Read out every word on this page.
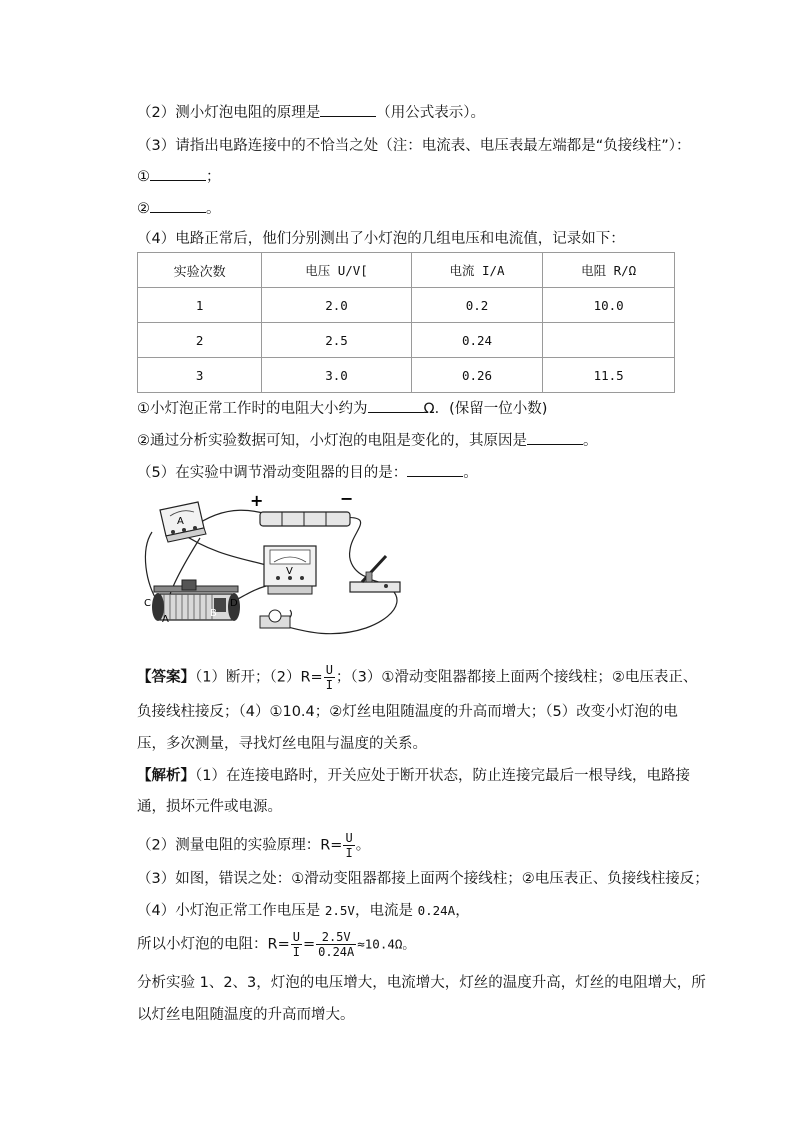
（2）测小灯泡电阻的原理是	（用公式表示）。
（3）请指出电路连接中的不恰当之处（注：电流表、电压表最左端都是“负接线柱”）：
①	；
②	。
（4）电路正常后，他们分别测出了小灯泡的几组电压和电流值，记录如下：
实验次数	电压 U/V[	电流 I/A	电阻 R/Ω
1	2.0	0.2	10.0
2	2.5	0.24	
3	3.0	0.26	11.5
①小灯泡正常工作时的电阻大小约为	Ω．(保留一位小数)
②通过分析实验数据可知，小灯泡的电阻是变化的，其原因是	。
（5）在实验中调节滑动变阻器的目的是：	。
A
+	−
V
C	D
A
B
【答案】（1）断开；$(2)R= \frac{U}{I}$ ；（3）①滑动变阻器都接上面两个接线柱；②电压表正、
负接线柱接反；（4）①10.4；②灯丝电阻随温度的升高而增大；（5）改变小灯泡的电
压，多次测量，寻找灯丝电阻与温度的关系。
【解析】（1）在连接电路时，开关应处于断开状态，防止连接完最后一根导线，电路接
通，损坏元件或电源。
（2）测量电阻的实验原理：$R= \frac{U}{I}$ 。
（3）如图，错误之处：①滑动变阻器都接上面两个接线柱；②电压表正、负接线柱接反；
（4）小灯泡正常工作电压是 2.5V，电流是 0.24A，
所以小灯泡的电阻：$R= \frac{U}{I} = \frac{2.5V}{0.24A} \approx 10.4\Omega$。
分析实验 1、2、3，灯泡的电压增大，电流增大，灯丝的温度升高，灯丝的电阻增大，所
以灯丝电阻随温度的升高而增大。
